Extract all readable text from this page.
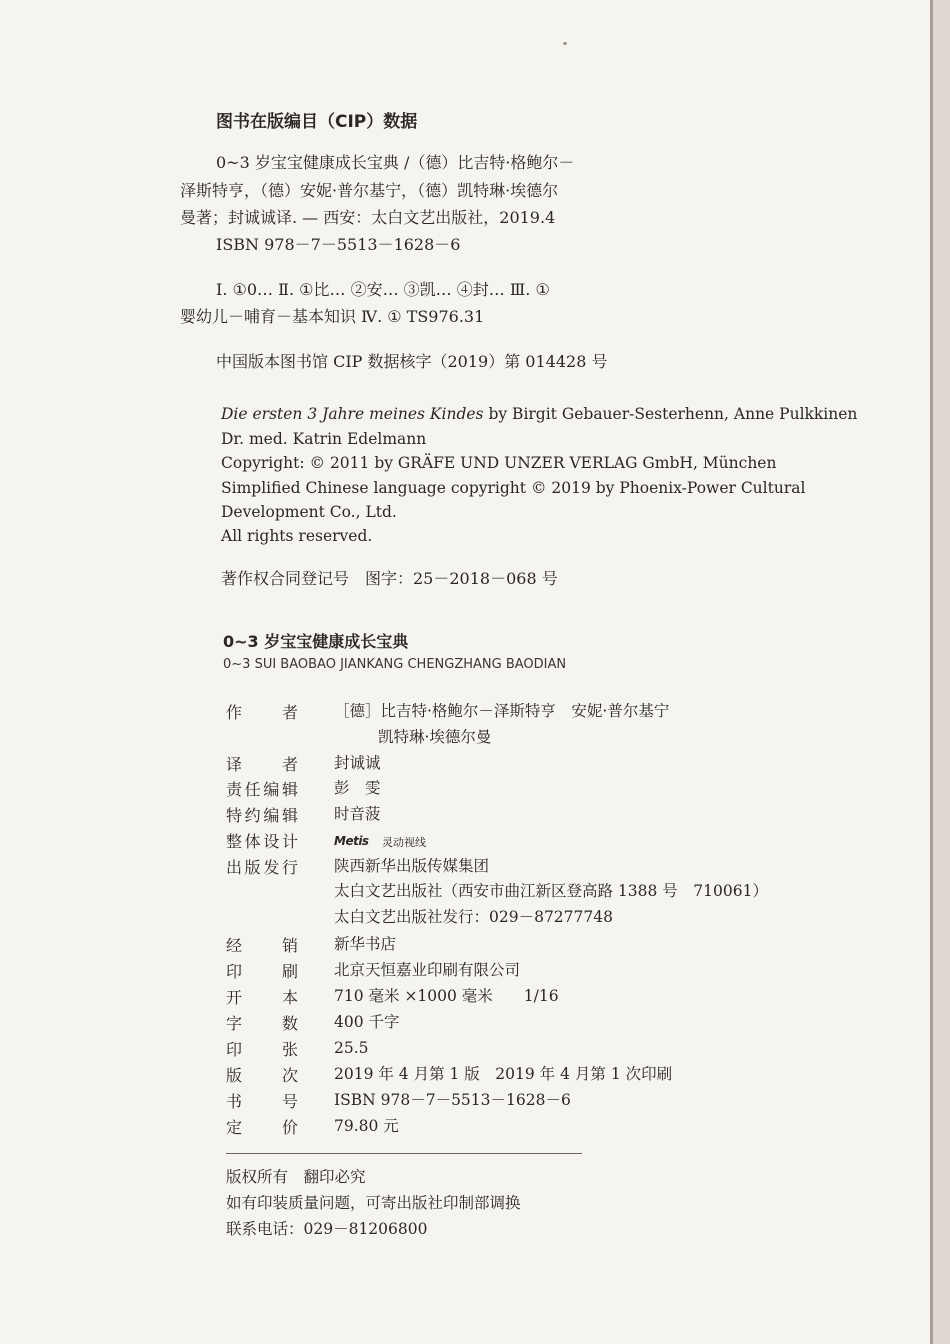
图书在版编目（CIP）数据

0~3 岁宝宝健康成长宝典 /（德）比吉特·格鲍尔－

泽斯特亨，（德）安妮·普尔基宁，（德）凯特琳·埃德尔

曼著；封诚诚译. — 西安：太白文艺出版社，2019.4

ISBN 978－7－5513－1628－6

Ⅰ. ①0… Ⅱ. ①比… ②安… ③凯… ④封… Ⅲ. ①

婴幼儿－哺育－基本知识 Ⅳ. ① TS976.31

中国版本图书馆 CIP 数据核字（2019）第 014428 号

Die ersten 3 Jahre meines Kindes by Birgit Gebauer-Sesterhenn, Anne Pulkkinen

Dr. med. Katrin Edelmann

Copyright: © 2011 by GRÄFE UND UNZER VERLAG GmbH, München

Simplified Chinese language copyright © 2019 by Phoenix-Power Cultural

Development Co., Ltd.

All rights reserved.

著作权合同登记号　图字：25－2018－068 号

0~3 岁宝宝健康成长宝典

0~3 SUI BAOBAO JIANKANG CHENGZHANG BAODIAN

作者 ［德］比吉特·格鲍尔－泽斯特亨　安妮·普尔基宁

凯特琳·埃德尔曼

译者 封诚诚

责任编辑 彭　雯

特约编辑 时音菠

整体设计	Metis 灵动视线
出版发行 陕西新华出版传媒集团

太白文艺出版社（西安市曲江新区登高路 1388 号　710061）

太白文艺出版社发行：029－87277748

经销 新华书店

印刷 北京天恒嘉业印刷有限公司

开本 710 毫米 ×1000 毫米　　1/16

字数 400 千字

印张 25.5

版次 2019 年 4 月第 1 版　2019 年 4 月第 1 次印刷

书号 ISBN 978－7－5513－1628－6

定价 79.80 元

版权所有　翻印必究

如有印装质量问题，可寄出版社印制部调换

联系电话：029－81206800
